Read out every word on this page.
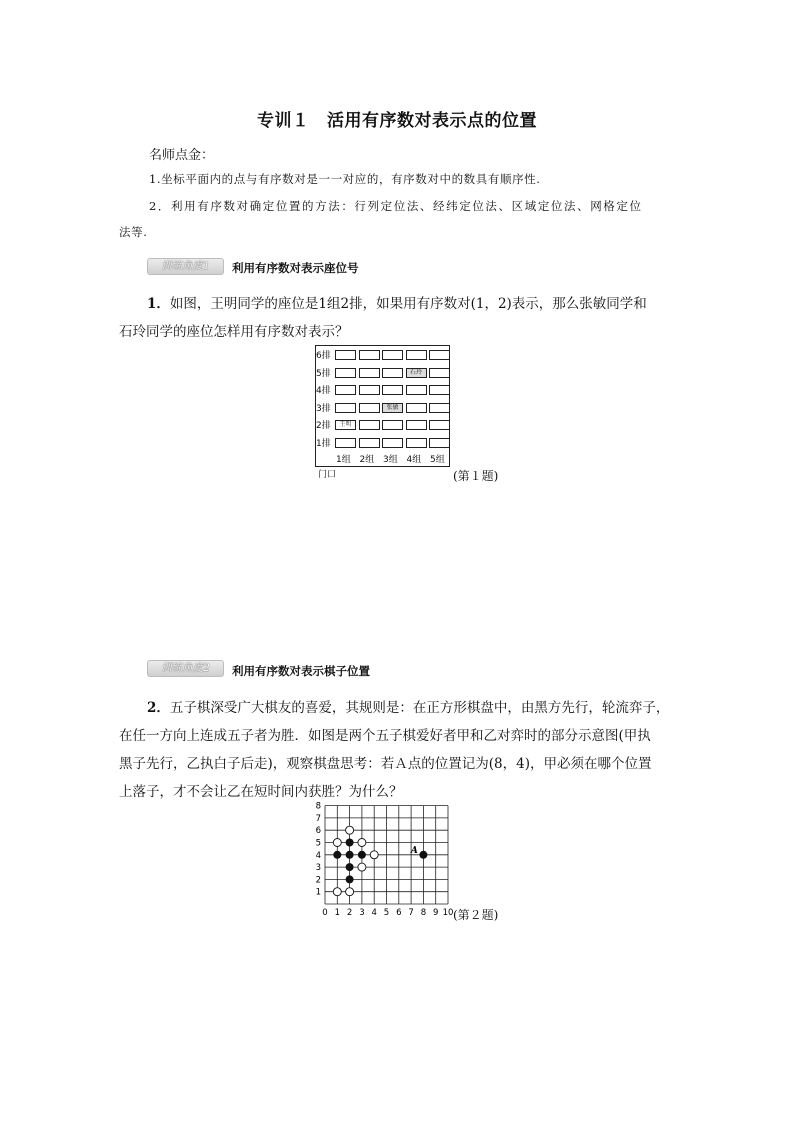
专训１　活用有序数对表示点的位置
名师点金：
1.坐标平面内的点与有序数对是一一对应的，有序数对中的数具有顺序性.
2．利用有序数对确定位置的方法：行列定位法、经纬定位法、区域定位法、网格定位
法等.
训练角度1	利用有序数对表示座位号
1．如图，王明同学的座位是1组2排，如果用有序数对(1，2)表示，那么张敏同学和
石玲同学的座位怎样用有序数对表示？
6排
5排	石玲
4排
3排	张敏
2排	王明
1排
1组 2组 3组 4组 5组
门口	(第１题)
训练角度2	利用有序数对表示棋子位置
2．五子棋深受广大棋友的喜爱，其规则是：在正方形棋盘中，由黑方先行，轮流弈子，
在任一方向上连成五子者为胜．如图是两个五子棋爱好者甲和乙对弈时的部分示意图(甲执
黑子先行，乙执白子后走)，观察棋盘思考：若Ａ点的位置记为(8，4)，甲必须在哪个位置
上落子，才不会让乙在短时间内获胜？为什么？
0 1 2 3 4 5 6 7 8 9 10
1
2
3
4
5
6
7
8
A
(第２题)
